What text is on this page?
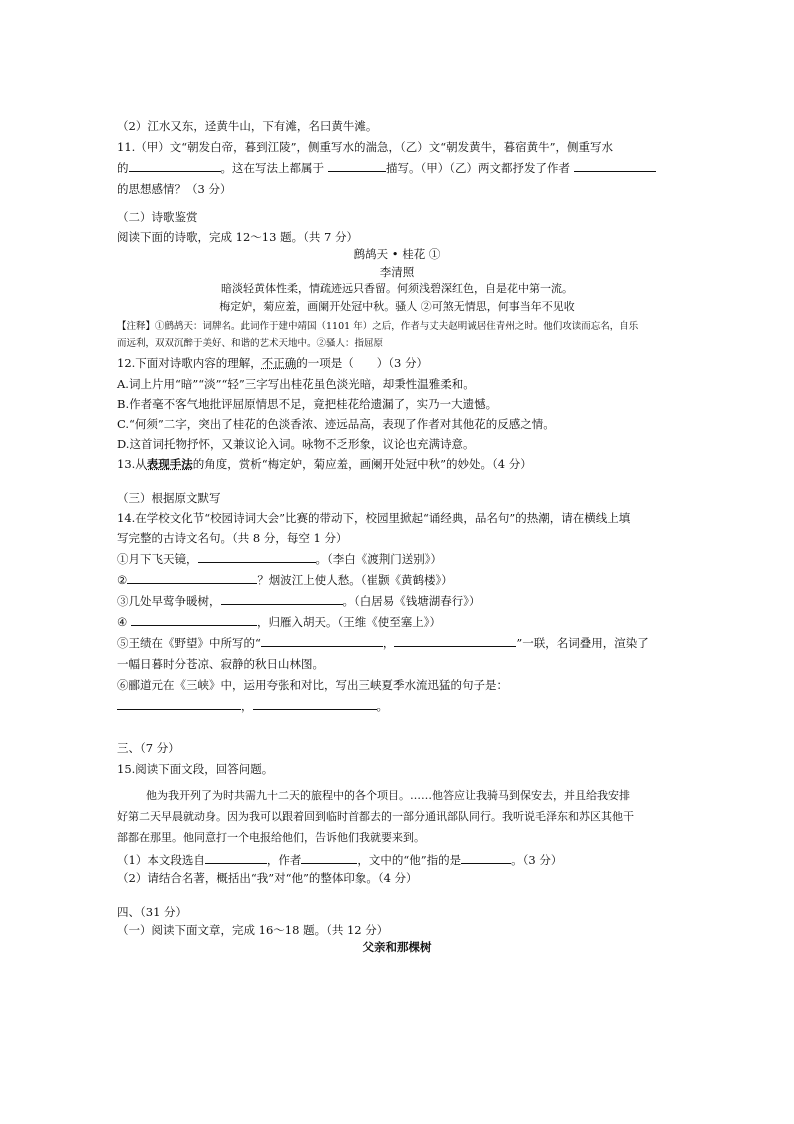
（2）江水又东，迳黄牛山，下有滩，名曰黄牛滩。
11.（甲）文“朝发白帝，暮到江陵”，侧重写水的湍急，（乙）文“朝发黄牛，暮宿黄牛”，侧重写水
的	。这在写法上都属于	描写。（甲）（乙）两文都抒发了作者
的思想感情？（3 分）
（二）诗歌鉴赏
阅读下面的诗歌，完成 12～13 题。（共 7 分）
鹧鸪天 • 桂花 ①
李清照
暗淡轻黄体性柔，情疏迹远只香留。何须浅碧深红色，自是花中第一流。
梅定妒，菊应羞，画阑开处冠中秋。骚人 ②可煞无情思，何事当年不见收
【注释】①鹧鸪天：词牌名。此词作于建中靖国（1101 年）之后，作者与丈夫赵明诚居住青州之时。他们攻读而忘名，自乐
而远利，双双沉醉于美好、和谐的艺术天地中。②骚人：指屈原
12.下面对诗歌内容的理解，不正确的一项是（　　）（3 分）
A.词上片用“暗”“淡”“轻”三字写出桂花虽色淡光暗，却秉性温雅柔和。
B.作者毫不客气地批评屈原情思不足，竟把桂花给遗漏了，实乃一大遗憾。
C.“何须”二字，突出了桂花的色淡香浓、迹远品高，表现了作者对其他花的反感之情。
D.这首词托物抒怀，又兼议论入词。咏物不乏形象，议论也充满诗意。
13.从表现手法的角度，赏析“梅定妒，菊应羞，画阑开处冠中秋”的妙处。（4 分）
（三）根据原文默写
14.在学校文化节“校园诗词大会”比赛的带动下，校园里掀起“诵经典，品名句”的热潮，请在横线上填
写完整的古诗文名句。（共 8 分，每空 1 分）
①月下飞天镜，	。（李白《渡荆门送别》）
②	？烟波江上使人愁。（崔颢《黄鹤楼》）
③几处早莺争暖树，	。（白居易《钱塘湖春行》）
④	，归雁入胡天。（王维《使至塞上》）
⑤王绩在《野望》中所写的“	，	”一联，名词叠用，渲染了
一幅日暮时分苍凉、寂静的秋日山林图。
⑥郦道元在《三峡》中，运用夸张和对比，写出三峡夏季水流迅猛的句子是：
，	。
三、（7 分）
15.阅读下面文段，回答问题。
他为我开列了为时共需九十二天的旅程中的各个项目。……他答应让我骑马到保安去，并且给我安排
好第二天早晨就动身。因为我可以跟着回到临时首都去的一部分通讯部队同行。我听说毛泽东和苏区其他干
部都在那里。他同意打一个电报给他们，告诉他们我就要来到。
（1）本文段选自	，作者	，文中的“他”指的是	。（3 分）
（2）请结合名著，概括出“我”对“他”的整体印象。（4 分）
四、（31 分）
（一）阅读下面文章，完成 16～18 题。（共 12 分）
父亲和那棵树
